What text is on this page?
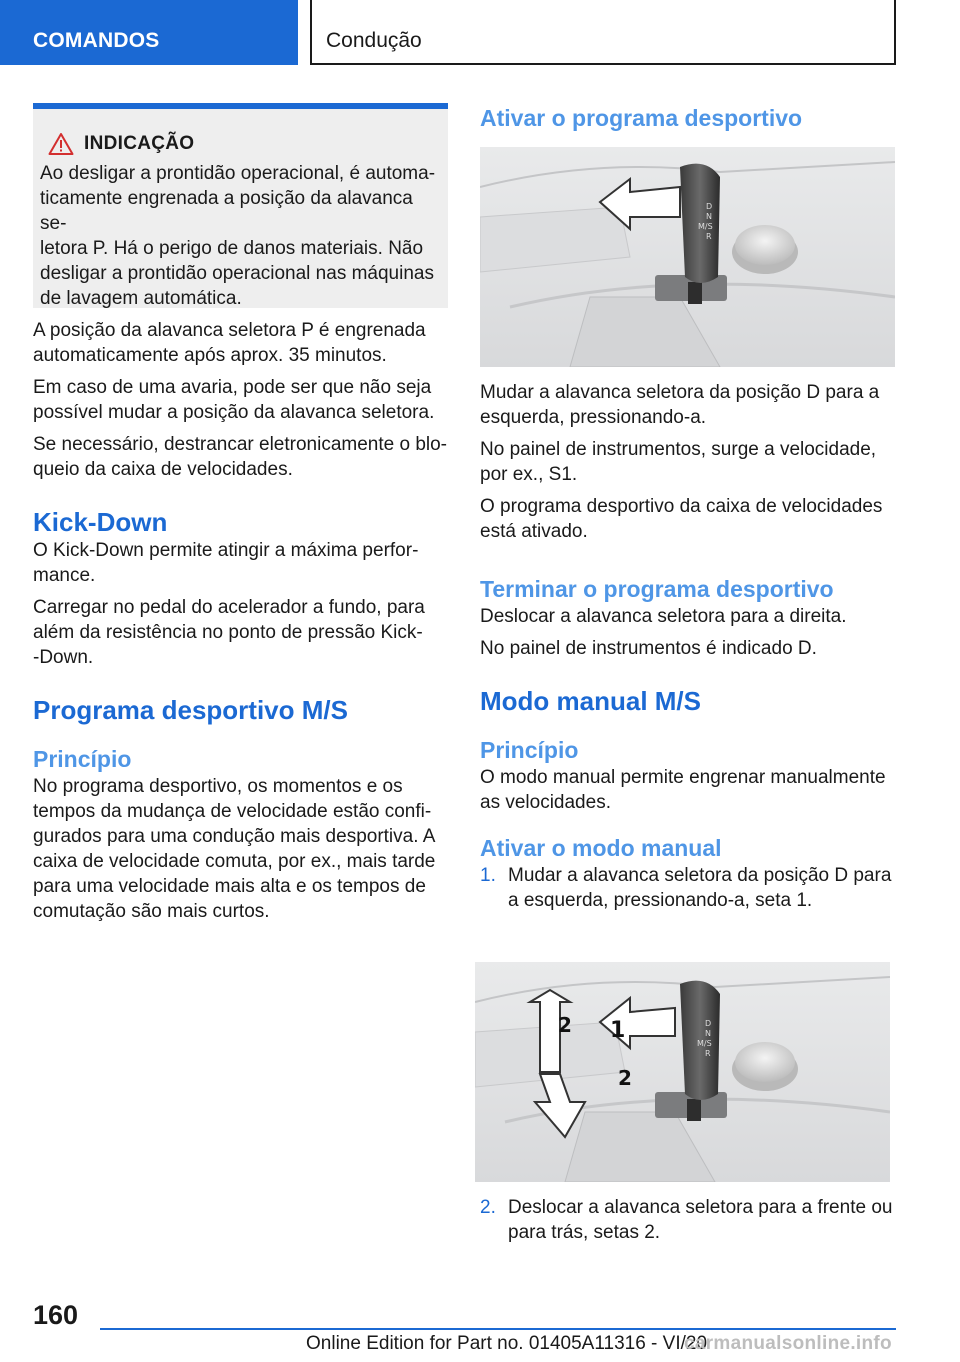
COMANDOS	Condução
INDICAÇÃO

Ao desligar a prontidão operacional, é automa-

ticamente engrenada a posição da alavanca se-

letora P. Há o perigo de danos materiais. Não

desligar a prontidão operacional nas máquinas

de lavagem automática.

A posição da alavanca seletora P é engrenada
automaticamente após aprox. 35 minutos.

Em caso de uma avaria, pode ser que não seja
possível mudar a posição da alavanca seletora.

Se necessário, destrancar eletronicamente o blo-
queio da caixa de velocidades.

Kick-Down

O Kick-Down permite atingir a máxima perfor-
mance.

Carregar no pedal do acelerador a fundo, para
além da resistência no ponto de pressão Kick-
-Down.

Programa desportivo M/S
Princípio

No programa desportivo, os momentos e os
tempos da mudança de velocidade estão confi-
gurados para uma condução mais desportiva. A
caixa de velocidade comuta, por ex., mais tarde
para uma velocidade mais alta e os tempos de
comutação são mais curtos.

Ativar o programa desportivo
M/S
D
N
R

Mudar a alavanca seletora da posição D para a
esquerda, pressionando-a.

No painel de instrumentos, surge a velocidade,
por ex., S1.

O programa desportivo da caixa de velocidades
está ativado.

Terminar o programa desportivo

Deslocar a alavanca seletora para a direita.

No painel de instrumentos é indicado D.

Modo manual M/S
Princípio

O modo manual permite engrenar manualmente
as velocidades.

Ativar o modo manual
1. Mudar a alavanca seletora da posição D para
a esquerda, pressionando-a, seta 1.
1
2
2
M/S
D
N
R
2. Deslocar a alavanca seletora para a frente ou
para trás, setas 2.
160
Online Edition for Part no. 01405A11316 - VI/20
carmanualsonline.info
